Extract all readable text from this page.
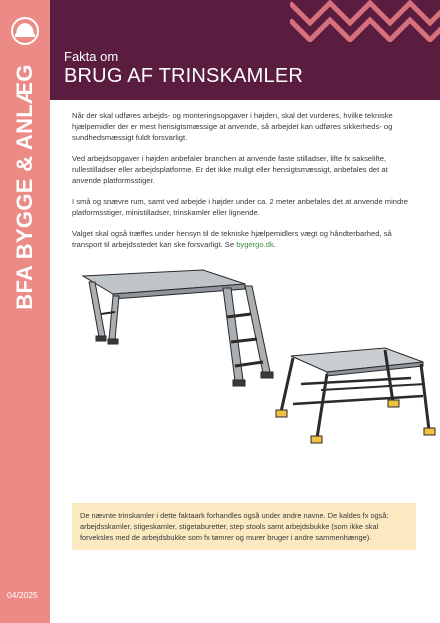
BFA BYGGE & ANLÆG
04/2025
Fakta om
BRUG AF TRINSKAMLER

Når der skal udføres arbejds- og monteringsopgaver i højden, skal det vurderes, hvilke tekniske hjælpemidler der er mest hensigtsmæssige at anvende, så arbejdet kan udføres sikkerheds- og sundhedsmæssigt fuldt forsvarligt.

Ved arbejdsopgaver i højden anbefaler branchen at anvende faste stilladser, lifte fx sakselifte, rullestilladser eller arbejdsplatforme. Er det ikke muligt eller hensigtsmæssigt, anbefales det at anvende platformsstiger.

I små og snævre rum, samt ved arbejde i højder under ca. 2 meter anbefales det at anvende mindre platformsstiger, ministilladser, trinskamler eller lignende.

Valget skal også træffes under hensyn til de tekniske hjælpemidlers vægt og håndterbarhed, så transport til arbejdsstedet kan ske forsvarligt. Se bygergo.dk.

De nævnte trinskamler i dette faktaark forhandles også under andre navne. De kaldes fx også: arbejdsskamler, stigeskamler, stigetaburetter, step stools samt arbejdsbukke (som ikke skal forveksles med de arbejdsbukke som fx tømrer og murer bruger i andre sammenhænge).
